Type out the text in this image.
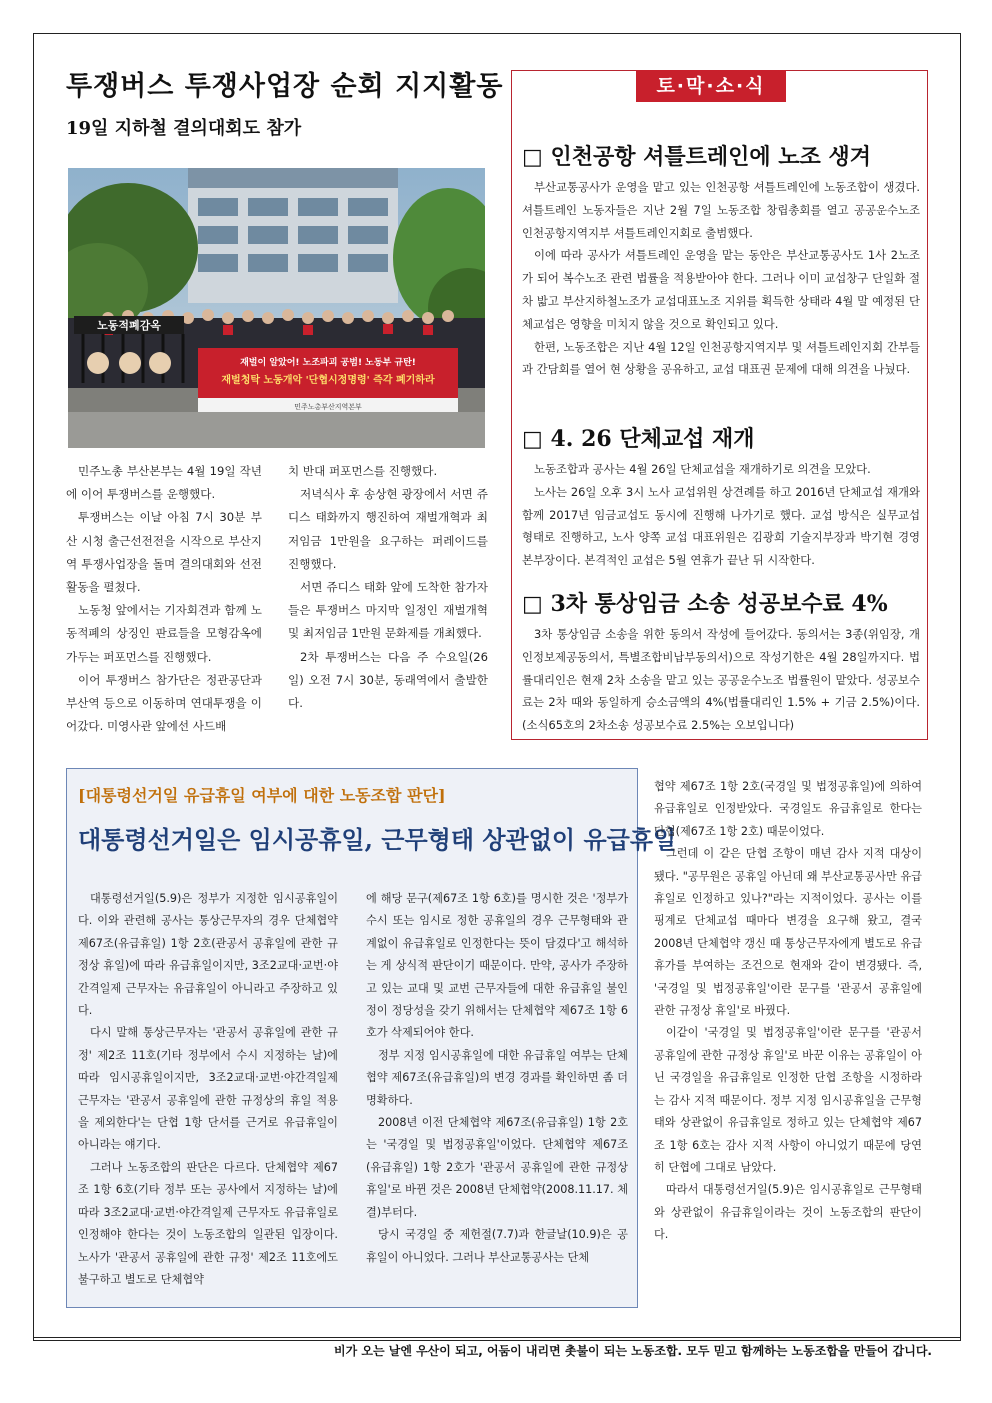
투쟁버스 투쟁사업장 순회 지지활동
19일 지하철 결의대회도 참가
노동적폐감옥
재벌이 알았어! 노조파괴 공범! 노동부 규탄!
재벌청탁 노동개악 '단협시정명령' 즉각 폐기하라
민주노총부산지역본부

민주노총 부산본부는 4월 19일 작년에 이어 투쟁버스를 운행했다.

투쟁버스는 이날 아침 7시 30분 부산 시청 출근선전전을 시작으로 부산지역 투쟁사업장을 돌며 결의대회와 선전활동을 펼쳤다.

노동청 앞에서는 기자회견과 함께 노동적폐의 상징인 판료들을 모형감옥에 가두는 퍼포먼스를 진행했다.

이어 투쟁버스 참가단은 정관공단과 부산역 등으로 이동하며 연대투쟁을 이어갔다. 미영사관 앞에선 사드배

치 반대 퍼포먼스를 진행했다.

저녁식사 후 송상현 광장에서 서면 쥬디스 태화까지 행진하여 재벌개혁과 최저임금 1만원을 요구하는 퍼레이드를 진행했다.

서면 쥬디스 태화 앞에 도착한 참가자들은 투쟁버스 마지막 일정인 재벌개혁 및 최저임금 1만원 문화제를 개최했다.

2차 투쟁버스는 다음 주 수요일(26일) 오전 7시 30분, 동래역에서 출발한다.

토·막·소·식
□ 인천공항 셔틀트레인에 노조 생겨

부산교통공사가 운영을 맡고 있는 인천공항 셔틀트레인에 노동조합이 생겼다. 셔틀트레인 노동자들은 지난 2월 7일 노동조합 창립총회를 열고 공공운수노조 인천공항지역지부 셔틀트레인지회로 출범했다.

이에 따라 공사가 셔틀트레인 운영을 맡는 동안은 부산교통공사도 1사 2노조가 되어 복수노조 관련 법률을 적용받아야 한다. 그러나 이미 교섭창구 단일화 절차 밟고 부산지하철노조가 교섭대표노조 지위를 획득한 상태라 4월 말 예정된 단체교섭은 영향을 미치지 않을 것으로 확인되고 있다.

한편, 노동조합은 지난 4월 12일 인천공항지역지부 및 셔틀트레인지회 간부들과 간담회를 열어 현 상황을 공유하고, 교섭 대표권 문제에 대해 의견을 나눴다.

□ 4. 26 단체교섭 재개

노동조합과 공사는 4월 26일 단체교섭을 재개하기로 의견을 모았다.

노사는 26일 오후 3시 노사 교섭위원 상견례를 하고 2016년 단체교섭 재개와 함께 2017년 임금교섭도 동시에 진행해 나가기로 했다. 교섭 방식은 실무교섭 형태로 진행하고, 노사 양쪽 교섭 대표위원은 김광희 기술지부장과 박기현 경영본부장이다. 본격적인 교섭은 5월 연휴가 끝난 뒤 시작한다.

□ 3차 통상임금 소송 성공보수료 4%

3차 통상임금 소송을 위한 동의서 작성에 들어갔다. 동의서는 3종(위임장, 개인정보제공동의서, 특별조합비납부동의서)으로 작성기한은 4월 28일까지다. 법률대리인은 현재 2차 소송을 맡고 있는 공공운수노조 법률원이 맡았다. 성공보수료는 2차 때와 동일하게 승소금액의 4%(법률대리인 1.5% + 기금 2.5%)이다.(소식65호의 2차소송 성공보수료 2.5%는 오보입니다)

[대통령선거일 유급휴일 여부에 대한 노동조합 판단]
대통령선거일은 임시공휴일, 근무형태 상관없이 유급휴일

대통령선거일(5.9)은 정부가 지정한 임시공휴일이다. 이와 관련해 공사는 통상근무자의 경우 단체협약 제67조(유급휴일) 1항 2호(관공서 공휴일에 관한 규정상 휴일)에 따라 유급휴일이지만, 3조2교대·교번·야간격일제 근무자는 유급휴일이 아니라고 주장하고 있다.

다시 말해 통상근무자는 '관공서 공휴일에 관한 규정' 제2조 11호(기타 정부에서 수시 지정하는 날)에 따라 임시공휴일이지만, 3조2교대·교번·야간격일제 근무자는 '관공서 공휴일에 관한 규정상의 휴일 적용을 제외한다'는 단협 1항 단서를 근거로 유급휴일이 아니라는 얘기다.

그러나 노동조합의 판단은 다르다. 단체협약 제67조 1항 6호(기타 정부 또는 공사에서 지정하는 날)에 따라 3조2교대·교번·야간격일제 근무자도 유급휴일로 인정해야 한다는 것이 노동조합의 일관된 입장이다. 노사가 '관공서 공휴일에 관한 규정' 제2조 11호에도 불구하고 별도로 단체협약

에 해당 문구(제67조 1항 6호)를 명시한 것은 '정부가 수시 또는 임시로 정한 공휴일의 경우 근무형태와 관계없이 유급휴일로 인정한다는 뜻이 담겼다'고 해석하는 게 상식적 판단이기 때문이다. 만약, 공사가 주장하고 있는 교대 및 교번 근무자들에 대한 유급휴일 불인정이 정당성을 갖기 위해서는 단체협약 제67조 1항 6호가 삭제되어야 한다.

정부 지정 임시공휴일에 대한 유급휴일 여부는 단체협약 제67조(유급휴일)의 변경 경과를 확인하면 좀 더 명확하다.

2008년 이전 단체협약 제67조(유급휴일) 1항 2호는 '국경일 및 법정공휴일'이었다. 단체협약 제67조(유급휴일) 1항 2호가 '관공서 공휴일에 관한 규정상 휴일'로 바뀐 것은 2008년 단체협약(2008.11.17. 체결)부터다.

당시 국경일 중 제헌절(7.7)과 한글날(10.9)은 공휴일이 아니었다. 그러나 부산교통공사는 단체

협약 제67조 1항 2호(국경일 및 법정공휴일)에 의하여 유급휴일로 인정받았다. 국경일도 유급휴일로 한다는 단협(제67조 1항 2호) 때문이었다.

그런데 이 같은 단협 조항이 매년 감사 지적 대상이 됐다. "공무원은 공휴일 아닌데 왜 부산교통공사만 유급휴일로 인정하고 있나?"라는 지적이었다. 공사는 이를 핑계로 단체교섭 때마다 변경을 요구해 왔고, 결국 2008년 단체협약 갱신 때 통상근무자에게 별도로 유급휴가를 부여하는 조건으로 현재와 같이 변경됐다. 즉, '국경일 및 법정공휴일'이란 문구를 '관공서 공휴일에 관한 규정상 휴일'로 바꿨다.

이같이 '국경일 및 법정공휴일'이란 문구를 '관공서 공휴일에 관한 규정상 휴일'로 바꾼 이유는 공휴일이 아닌 국경일을 유급휴일로 인정한 단협 조항을 시정하라는 감사 지적 때문이다. 정부 지정 임시공휴일을 근무형태와 상관없이 유급휴일로 정하고 있는 단체협약 제67조 1항 6호는 감사 지적 사항이 아니었기 때문에 당연히 단협에 그대로 남았다.

따라서 대통령선거일(5.9)은 임시공휴일로 근무형태와 상관없이 유급휴일이라는 것이 노동조합의 판단이다.

비가 오는 날엔 우산이 되고, 어둠이 내리면 촛불이 되는 노동조합. 모두 믿고 함께하는 노동조합을 만들어 갑니다.
